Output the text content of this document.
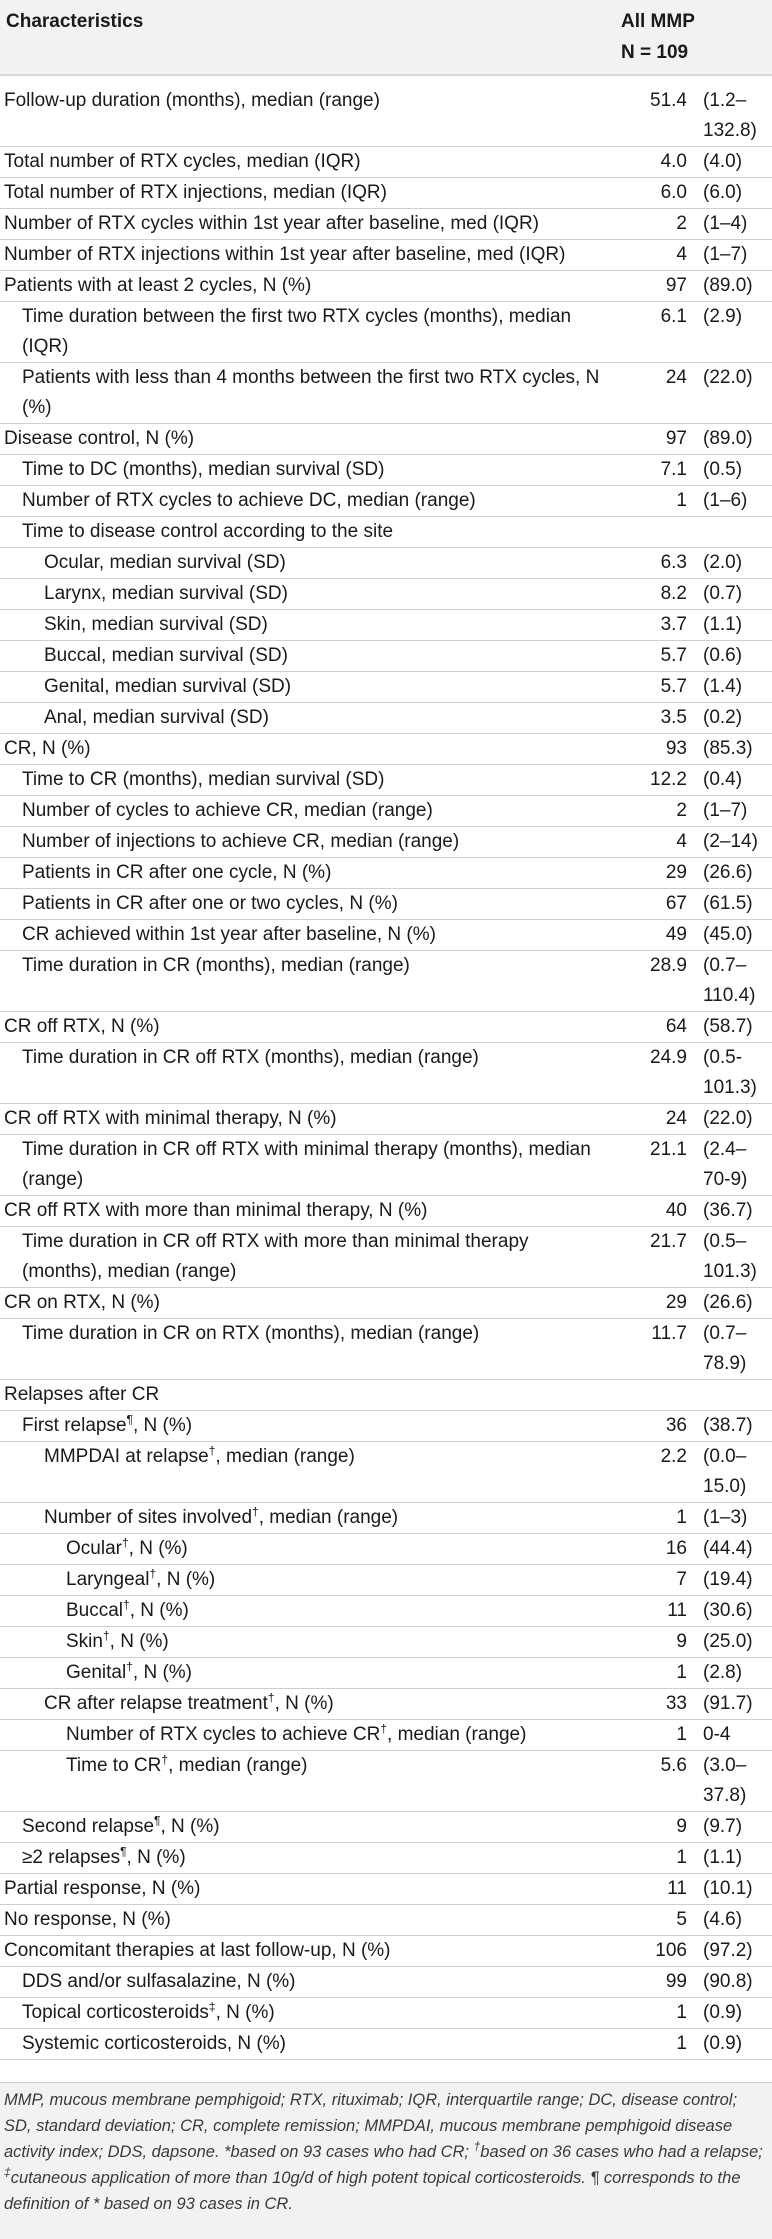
Characteristics	All MMP
N = 109	

Follow-up duration (months), median (range)	51.4	(1.2–132.8)
Total number of RTX cycles, median (IQR)	4.0	(4.0)
Total number of RTX injections, median (IQR)	6.0	(6.0)
Number of RTX cycles within 1st year after baseline, med (IQR)	2	(1–4)
Number of RTX injections within 1st year after baseline, med (IQR)	4	(1–7)
Patients with at least 2 cycles, N (%)	97	(89.0)
Time duration between the first two RTX cycles (months), median (IQR)	6.1	(2.9)
Patients with less than 4 months between the first two RTX cycles, N (%)	24	(22.0)
Disease control, N (%)	97	(89.0)
Time to DC (months), median survival (SD)	7.1	(0.5)
Number of RTX cycles to achieve DC, median (range)	1	(1–6)
Time to disease control according to the site		
Ocular, median survival (SD)	6.3	(2.0)
Larynx, median survival (SD)	8.2	(0.7)
Skin, median survival (SD)	3.7	(1.1)
Buccal, median survival (SD)	5.7	(0.6)
Genital, median survival (SD)	5.7	(1.4)
Anal, median survival (SD)	3.5	(0.2)
CR, N (%)	93	(85.3)
Time to CR (months), median survival (SD)	12.2	(0.4)
Number of cycles to achieve CR, median (range)	2	(1–7)
Number of injections to achieve CR, median (range)	4	(2–14)
Patients in CR after one cycle, N (%)	29	(26.6)
Patients in CR after one or two cycles, N (%)	67	(61.5)
CR achieved within 1st year after baseline, N (%)	49	(45.0)
Time duration in CR (months), median (range)	28.9	(0.7–110.4)
CR off RTX, N (%)	64	(58.7)
Time duration in CR off RTX (months), median (range)	24.9	(0.5-101.3)
CR off RTX with minimal therapy, N (%)	24	(22.0)
Time duration in CR off RTX with minimal therapy (months), median (range)	21.1	(2.4–70-9)
CR off RTX with more than minimal therapy, N (%)	40	(36.7)
Time duration in CR off RTX with more than minimal therapy (months), median (range)	21.7	(0.5–101.3)
CR on RTX, N (%)	29	(26.6)
Time duration in CR on RTX (months), median (range)	11.7	(0.7–78.9)
Relapses after CR		
First relapse¶, N (%)	36	(38.7)
MMPDAI at relapse†, median (range)	2.2	(0.0–15.0)
Number of sites involved†, median (range)	1	(1–3)
Ocular†, N (%)	16	(44.4)
Laryngeal†, N (%)	7	(19.4)
Buccal†, N (%)	11	(30.6)
Skin†, N (%)	9	(25.0)
Genital†, N (%)	1	(2.8)
CR after relapse treatment†, N (%)	33	(91.7)
Number of RTX cycles to achieve CR†, median (range)	1	0-4
Time to CR†, median (range)	5.6	(3.0–37.8)
Second relapse¶, N (%)	9	(9.7)
≥2 relapses¶, N (%)	1	(1.1)
Partial response, N (%)	11	(10.1)
No response, N (%)	5	(4.6)
Concomitant therapies at last follow-up, N (%)	106	(97.2)
DDS and/or sulfasalazine, N (%)	99	(90.8)
Topical corticosteroids‡, N (%)	1	(0.9)
Systemic corticosteroids, N (%)	1	(0.9)

MMP, mucous membrane pemphigoid; RTX, rituximab; IQR, interquartile range; DC, disease control; SD, standard deviation; CR, complete remission; MMPDAI, mucous membrane pemphigoid disease activity index; DDS, dapsone. *based on 93 cases who had CR; †based on 36 cases who had a relapse; ‡cutaneous application of more than 10g/d of high potent topical corticosteroids. ¶ corresponds to the definition of * based on 93 cases in CR.
